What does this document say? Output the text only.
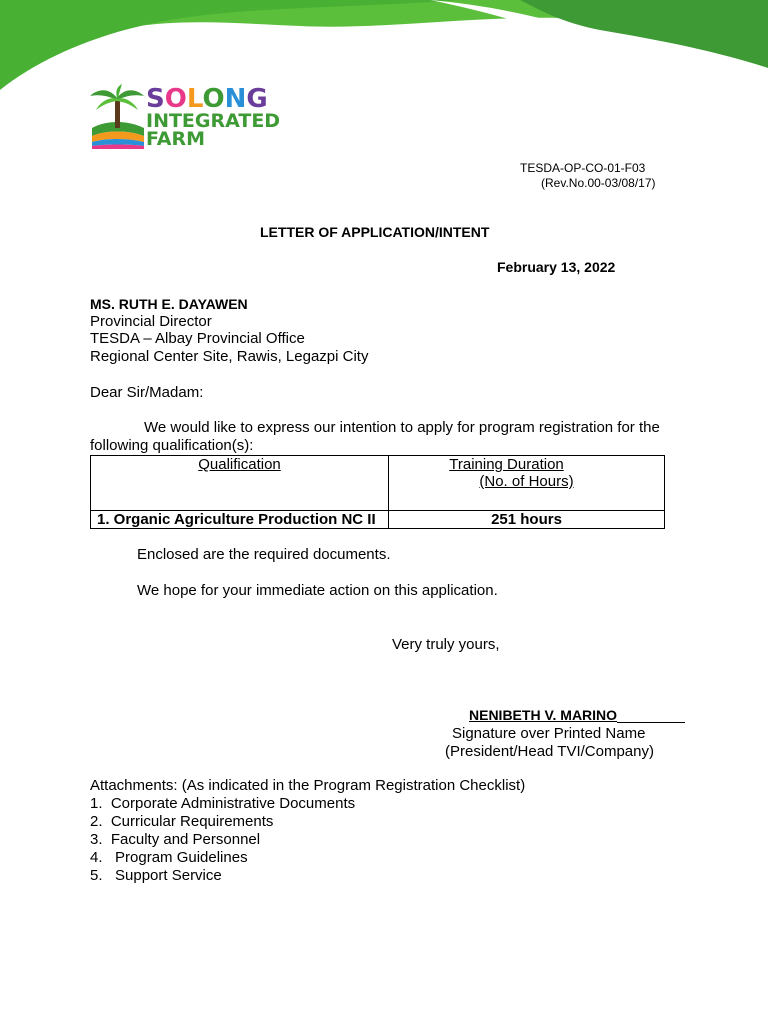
SOLONG
INTEGRATED
FARM
TESDA-OP-CO-01-F03
(Rev.No.00-03/08/17)
LETTER OF APPLICATION/INTENT
February 13, 2022
MS. RUTH E. DAYAWEN
Provincial Director
TESDA – Albay Provincial Office
Regional Center Site, Rawis, Legazpi City
Dear Sir/Madam:
We would like to express our intention to apply for program registration for the
following qualification(s):
Qualification	Training Duration
(No. of Hours)

1. Organic Agriculture Production NC II	251 hours
Enclosed are the required documents.
We hope for your immediate action on this application.
Very truly yours,
NENIBETH V. MARINO
Signature over Printed Name
(President/Head TVI/Company)
Attachments: (As indicated in the Program Registration Checklist)
1.  Corporate Administrative Documents
2.  Curricular Requirements
3.  Faculty and Personnel
4.   Program Guidelines
5.   Support Service
